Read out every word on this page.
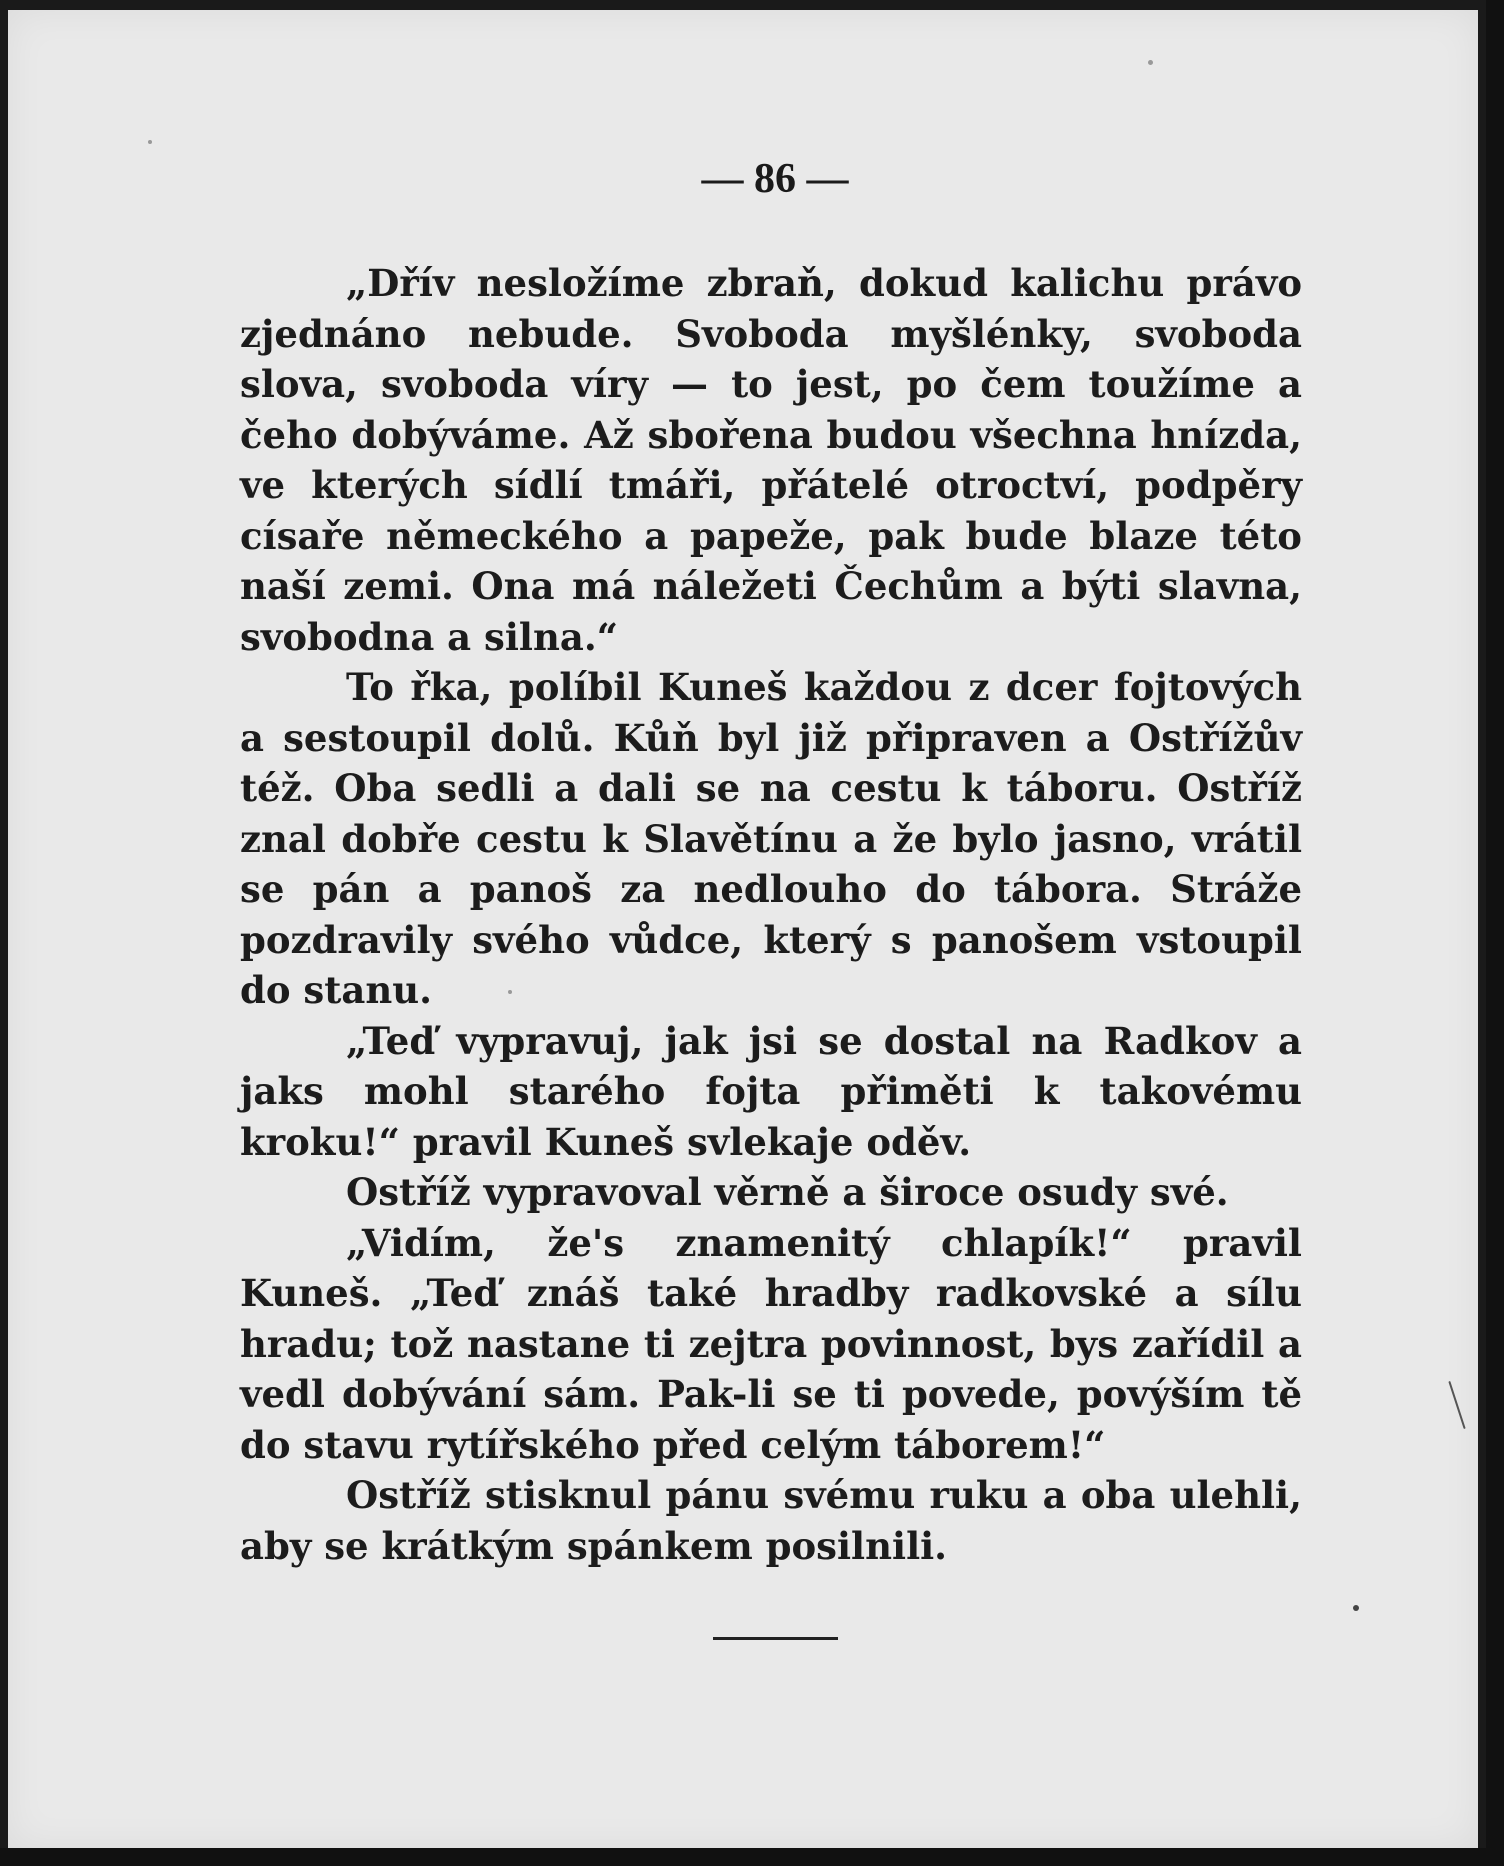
— 86 —

„Dřív nesložíme zbraň, dokud kalichu právo zjednáno nebude. Svoboda myšlénky, svoboda slova, svoboda víry — to jest, po čem toužíme a čeho dobýváme. Až sbořena budou všechna hnízda, ve kterých sídlí tmáři, přátelé otroctví, podpěry císaře německého a papeže, pak bude blaze této naší zemi. Ona má náležeti Čechům a býti slavna, svobodna a silna.“

To řka, políbil Kuneš každou z dcer fojtových a sestoupil dolů. Kůň byl již připraven a Ostřížův též. Oba sedli a dali se na cestu k táboru. Ostříž znal dobře cestu k Slavětínu a že bylo jasno, vrátil se pán a panoš za nedlouho do tábora. Stráže pozdravily svého vůdce, který s panošem vstoupil do stanu.

„Teď vypravuj, jak jsi se dostal na Radkov a jaks mohl starého fojta přiměti k takovému kroku!“ pravil Kuneš svlekaje oděv.

Ostříž vypravoval věrně a široce osudy své.

„Vidím, že's znamenitý chlapík!“ pravil Kuneš. „Teď znáš také hradby radkovské a sílu hradu; tož nastane ti zejtra povinnost, bys zařídil a vedl dobývání sám. Pak-li se ti povede, povýším tě do stavu rytířského před celým táborem!“

Ostříž stisknul pánu svému ruku a oba ulehli, aby se krátkým spánkem posilnili.
